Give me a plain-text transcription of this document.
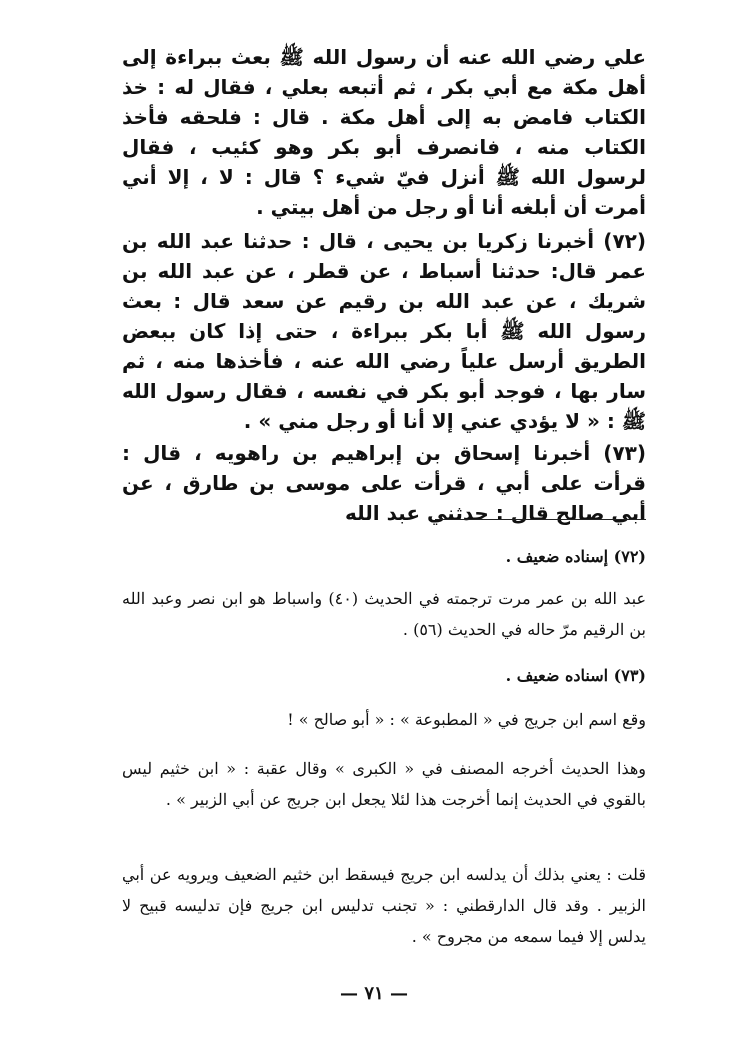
علي رضي الله عنه أن رسول الله ﷺ بعث ببراءة إلى أهل مكة مع أبي بكر ، ثم أتبعه بعلي ، فقال له : خذ الكتاب فامض به إلى أهل مكة . قال : فلحقه فأخذ الكتاب منه ، فانصرف أبو بكر وهو كئيب ، فقال لرسول الله ﷺ أنزل فيّ شيء ؟ قال : لا ، إلا أني أمرت أن أبلغه أنا أو رجل من أهل بيتي .

(٧٢) أخبرنا زكريا بن يحيى ، قال : حدثنا عبد الله بن عمر قال: حدثنا أسباط ، عن قطر ، عن عبد الله بن شريك ، عن عبد الله بن رقيم عن سعد قال : بعث رسول الله ﷺ أبا بكر ببراءة ، حتى إذا كان ببعض الطريق أرسل علياً رضي الله عنه ، فأخذها منه ، ثم سار بها ، فوجد أبو بكر في نفسه ، فقال رسول الله ﷺ : « لا يؤدي عني إلا أنا أو رجل مني » .

(٧٣) أخبرنا إسحاق بن إبراهيم بن راهويه ، قال : قرأت على أبي ، قرأت على موسى بن طارق ، عن أبي صالح قال : حدثني عبد الله

(٧٢) إسناده ضعيف .

عبد الله بن عمر مرت ترجمته في الحديث (٤٠) واسباط هو ابن نصر وعبد الله بن الرقيم مرّ حاله في الحديث (٥٦) .

(٧٣) اسناده ضعيف .

وقع اسم ابن جريج في « المطبوعة » : « أبو صالح » !

وهذا الحديث أخرجه المصنف في « الكبرى » وقال عقبة : « ابن خثيم ليس بالقوي في الحديث إنما أخرجت هذا لئلا يجعل ابن جريج عن أبي الزبير » .

قلت : يعني بذلك أن يدلسه ابن جريج فيسقط ابن خثيم الضعيف ويرويه عن أبي الزبير . وقد قال الدارقطني : « تجنب تدليس ابن جريج فإن تدليسه قبيح لا يدلس إلا فيما سمعه من مجروح » .

— ٧١ —
